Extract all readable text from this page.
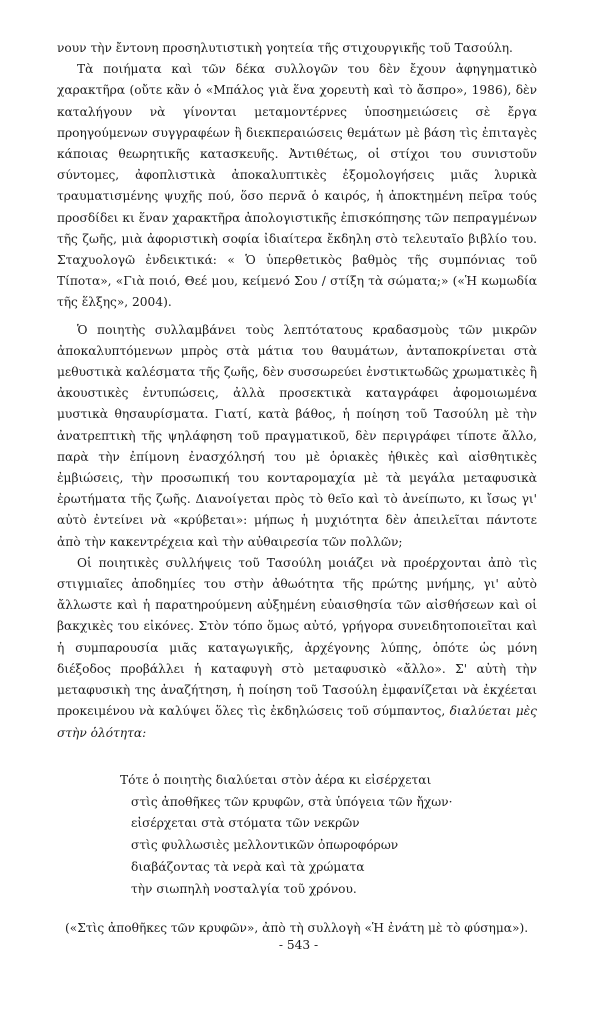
νουν τὴν ἔντονη προσηλυτιστικὴ γοητεία τῆς στιχουργικῆς τοῦ Τασούλη.

Τὰ ποιήματα καὶ τῶν δέκα συλλογῶν του δὲν ἔχουν ἀφηγηματικὸ χαρακτῆρα (οὔτε κἂν ὁ «Μπάλος γιὰ ἕνα χορευτὴ καὶ τὸ ἄσπρο», 1986), δὲν καταλήγουν νὰ γίνονται μεταμοντέρνες ὑποσημειώσεις σὲ ἔργα προηγούμενων συγγραφέων ἢ διεκπεραιώσεις θεμάτων μὲ βάση τὶς ἐπιταγὲς κάποιας θεωρητικῆς κατασκευῆς. Ἀντιθέτως, οἱ στίχοι του συνιστοῦν σύντομες, ἀφοπλιστικὰ ἀποκαλυπτικὲς ἐξομολογήσεις μιᾶς λυρικὰ τραυματισμένης ψυχῆς πού, ὅσο περνᾶ ὁ καιρός, ἡ ἀποκτημένη πεῖρα τούς προσδίδει κι ἕναν χαρακτῆρα ἀπολογιστικῆς ἐπισκόπησης τῶν πεπραγμένων τῆς ζωῆς, μιὰ ἀφοριστικὴ σοφία ἰδιαίτερα ἔκδηλη στὸ τελευταῖο βιβλίο του. Σταχυολογῶ ἐνδεικτικά: « Ὁ ὑπερθετικὸς βαθμὸς τῆς συμπόνιας τοῦ Τίποτα», «Γιὰ ποιό, Θεέ μου, κείμενό Σου / στίξη τὰ σώματα;» («Ἡ κωμωδία τῆς ἕλξης», 2004).

Ὁ ποιητὴς συλλαμβάνει τοὺς λεπτότατους κραδασμοὺς τῶν μικρῶν ἀποκαλυπτόμενων μπρὸς στὰ μάτια του θαυμάτων, ἀνταποκρίνεται στὰ μεθυστικὰ καλέσματα τῆς ζωῆς, δὲν συσσωρεύει ἐνστικτωδῶς χρωματικὲς ἢ ἀκουστικὲς ἐντυπώσεις, ἀλλὰ προσεκτικὰ καταγράφει ἀφομοιωμένα μυστικὰ θησαυρίσματα. Γιατί, κατὰ βάθος, ἡ ποίηση τοῦ Τασούλη μὲ τὴν ἀνατρεπτικὴ τῆς ψηλάφηση τοῦ πραγματικοῦ, δὲν περιγράφει τίποτε ἄλλο, παρὰ τὴν ἐπίμονη ἐνασχόλησή του μὲ ὁριακὲς ἠθικὲς καὶ αἰσθητικὲς ἐμβιώσεις, τὴν προσωπική του κονταρομαχία μὲ τὰ μεγάλα μεταφυσικὰ ἐρωτήματα τῆς ζωῆς. Διανοίγεται πρὸς τὸ θεῖο καὶ τὸ ἀνείπωτο, κι ἴσως γι' αὐτὸ ἐντείνει νὰ «κρύβεται»: μήπως ἡ μυχιότητα δὲν ἀπειλεῖται πάντοτε ἀπὸ τὴν κακεντρέχεια καὶ τὴν αὐθαιρεσία τῶν πολλῶν;

Οἱ ποιητικὲς συλλήψεις τοῦ Τασούλη μοιάζει νὰ προέρχονται ἀπὸ τὶς στιγμιαῖες ἀποδημίες του στὴν ἀθωότητα τῆς πρώτης μνήμης, γι' αὐτὸ ἄλλωστε καὶ ἡ παρατηρούμενη αὐξημένη εὐαισθησία τῶν αἰσθήσεων καὶ οἱ βακχικὲς του εἰκόνες. Στὸν τόπο ὅμως αὐτό, γρήγορα συνειδητοποιεῖται καὶ ἡ συμπαρουσία μιᾶς καταγωγικῆς, ἀρχέγονης λύπης, ὁπότε ὡς μόνη διέξοδος προβάλλει ἡ καταφυγὴ στὸ μεταφυσικὸ «ἄλλο». Σ' αὐτὴ τὴν μεταφυσικὴ της ἀναζήτηση, ἡ ποίηση τοῦ Τασούλη ἐμφανίζεται νὰ ἐκχέεται προκειμένου νὰ καλύψει ὅλες τὶς ἐκδηλώσεις τοῦ σύμπαντος, διαλύεται μὲς στὴν ὁλότητα:

Τότε ὁ ποιητὴς διαλύεται στὸν ἀέρα κι εἰσέρχεται
στὶς ἀποθῆκες τῶν κρυφῶν, στὰ ὑπόγεια τῶν ἤχων·
εἰσέρχεται στὰ στόματα τῶν νεκρῶν
στὶς φυλλωσιὲς μελλοντικῶν ὀπωροφόρων
διαβάζοντας τὰ νερὰ καὶ τὰ χρώματα
τὴν σιωπηλὴ νοσταλγία τοῦ χρόνου.

(«Στὶς ἀποθῆκες τῶν κρυφῶν», ἀπὸ τὴ συλλογὴ «Ἡ ἐνάτη μὲ τὸ φύσημα»).

- 543 -
